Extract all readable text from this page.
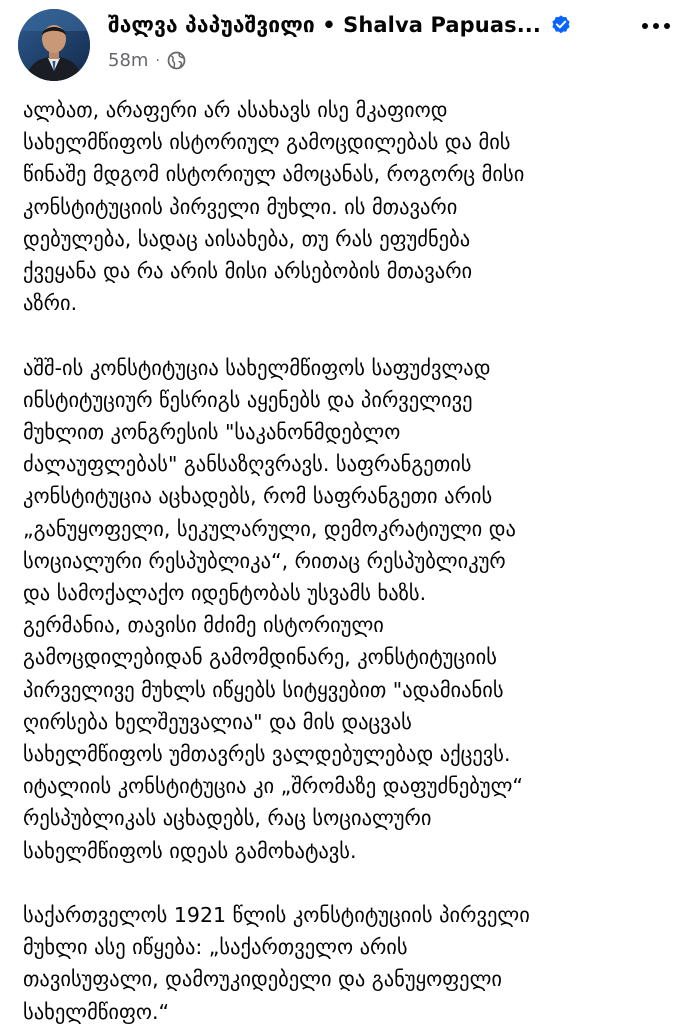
შალვა პაპუაშვილი • Shalva Papuas...
58m ·
ალბათ, არაფერი არ ასახავს ისე მკაფიოდ
სახელმწიფოს ისტორიულ გამოცდილებას და მის
წინაშე მდგომ ისტორიულ ამოცანას, როგორც მისი
კონსტიტუციის პირველი მუხლი. ის მთავარი
დებულება, სადაც აისახება, თუ რას ეფუძნება
ქვეყანა და რა არის მისი არსებობის მთავარი
აზრი.
აშშ-ის კონსტიტუცია სახელმწიფოს საფუძვლად
ინსტიტუციურ წესრიგს აყენებს და პირველივე
მუხლით კონგრესის "საკანონმდებლო
ძალაუფლებას" განსაზღვრავს. საფრანგეთის
კონსტიტუცია აცხადებს, რომ საფრანგეთი არის
„განუყოფელი, სეკულარული, დემოკრატიული და
სოციალური რესპუბლიკა“, რითაც რესპუბლიკურ
და სამოქალაქო იდენტობას უსვამს ხაზს.
გერმანია, თავისი მძიმე ისტორიული
გამოცდილებიდან გამომდინარე, კონსტიტუციის
პირველივე მუხლს იწყებს სიტყვებით "ადამიანის
ღირსება ხელშეუვალია" და მის დაცვას
სახელმწიფოს უმთავრეს ვალდებულებად აქცევს.
იტალიის კონსტიტუცია კი „შრომაზე დაფუძნებულ“
რესპუბლიკას აცხადებს, რაც სოციალური
სახელმწიფოს იდეას გამოხატავს.
საქართველოს 1921 წლის კონსტიტუციის პირველი
მუხლი ასე იწყება: „საქართველო არის
თავისუფალი, დამოუკიდებელი და განუყოფელი
სახელმწიფო.“
